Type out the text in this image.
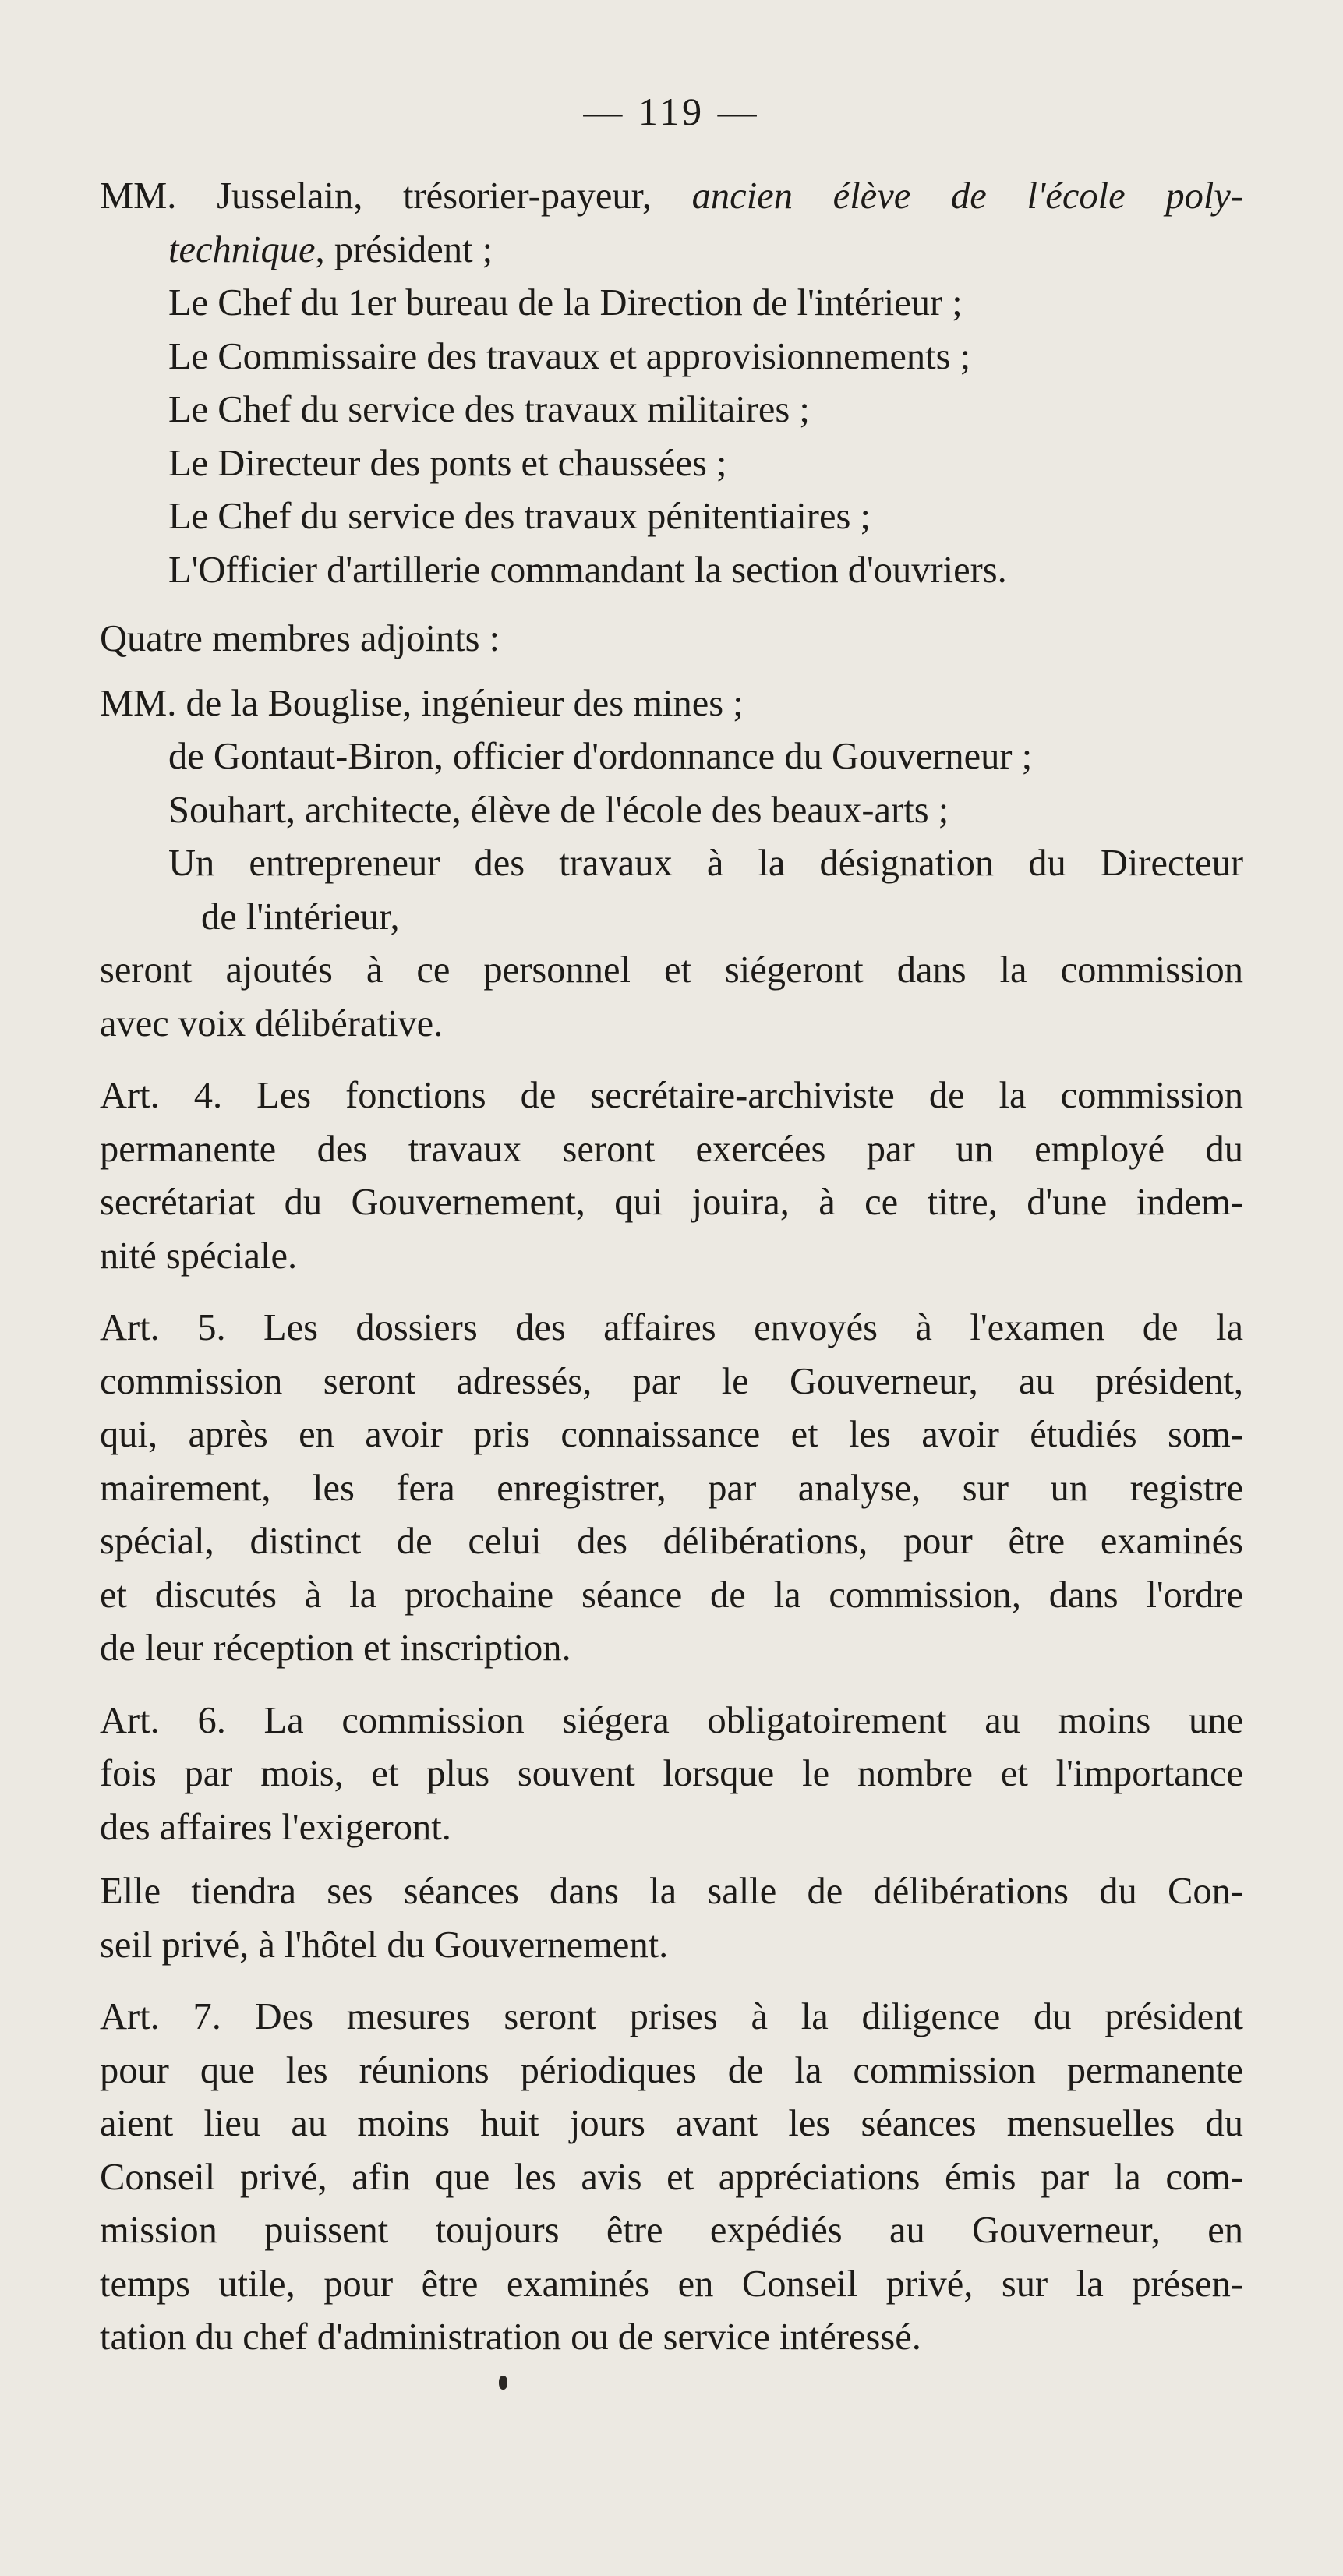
— 119 —
MM. Jusselain, trésorier-payeur, ancien élève de l'école poly-
technique, président ;
Le Chef du 1er bureau de la Direction de l'intérieur ;
Le Commissaire des travaux et approvisionnements ;
Le Chef du service des travaux militaires ;
Le Directeur des ponts et chaussées ;
Le Chef du service des travaux pénitentiaires ;
L'Officier d'artillerie commandant la section d'ouvriers.
Quatre membres adjoints :
MM. de la Bouglise, ingénieur des mines ;
de Gontaut-Biron, officier d'ordonnance du Gouverneur ;
Souhart, architecte, élève de l'école des beaux-arts ;
Un entrepreneur des travaux à la désignation du Directeur
de l'intérieur,
seront ajoutés à ce personnel et siégeront dans la commission
avec voix délibérative.
Art. 4. Les fonctions de secrétaire-archiviste de la commission
permanente des travaux seront exercées par un employé du
secrétariat du Gouvernement, qui jouira, à ce titre, d'une indem-
nité spéciale.
Art. 5. Les dossiers des affaires envoyés à l'examen de la
commission seront adressés, par le Gouverneur, au président,
qui, après en avoir pris connaissance et les avoir étudiés som-
mairement, les fera enregistrer, par analyse, sur un registre
spécial, distinct de celui des délibérations, pour être examinés
et discutés à la prochaine séance de la commission, dans l'ordre
de leur réception et inscription.
Art. 6. La commission siégera obligatoirement au moins une
fois par mois, et plus souvent lorsque le nombre et l'importance
des affaires l'exigeront.
Elle tiendra ses séances dans la salle de délibérations du Con-
seil privé, à l'hôtel du Gouvernement.
Art. 7. Des mesures seront prises à la diligence du président
pour que les réunions périodiques de la commission permanente
aient lieu au moins huit jours avant les séances mensuelles du
Conseil privé, afin que les avis et appréciations émis par la com-
mission puissent toujours être expédiés au Gouverneur, en
temps utile, pour être examinés en Conseil privé, sur la présen-
tation du chef d'administration ou de service intéressé.
